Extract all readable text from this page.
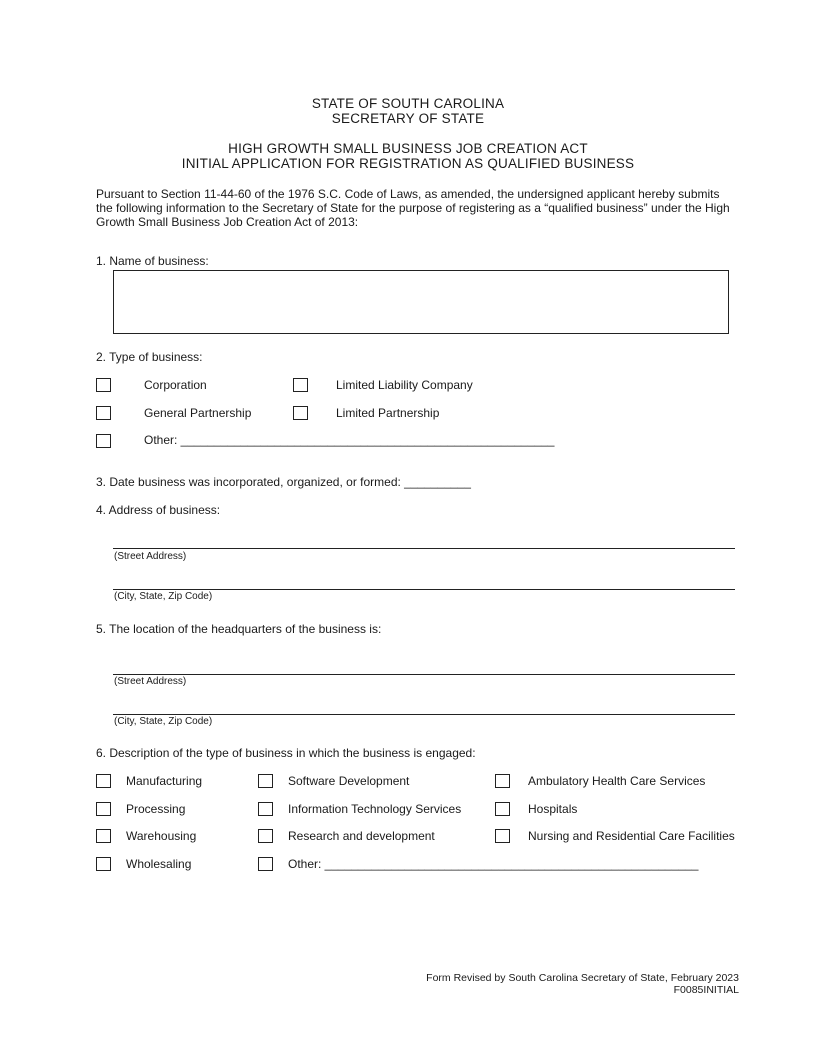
STATE OF SOUTH CAROLINA
SECRETARY OF STATE
HIGH GROWTH SMALL BUSINESS JOB CREATION ACT
INITIAL APPLICATION FOR REGISTRATION AS QUALIFIED BUSINESS
Pursuant to Section 11-44-60 of the 1976 S.C. Code of Laws, as amended, the undersigned applicant hereby submits
the following information to the Secretary of State for the purpose of registering as a “qualified business” under the High
Growth Small Business Job Creation Act of 2013:
1. Name of business:
2. Type of business:
Corporation	Limited Liability Company
General Partnership	Limited Partnership
Other: ________________________________________________________
3. Date business was incorporated, organized, or formed: __________
4. Address of business:
(Street Address)
(City, State, Zip Code)
5. The location of the headquarters of the business is:
(Street Address)
(City, State, Zip Code)
6. Description of the type of business in which the business is engaged:
Manufacturing	Software Development	Ambulatory Health Care Services
Processing	Information Technology Services	Hospitals
Warehousing	Research and development	Nursing and Residential Care Facilities
Wholesaling	Other: ________________________________________________________
Form Revised by South Carolina Secretary of State, February 2023
F0085INITIAL
